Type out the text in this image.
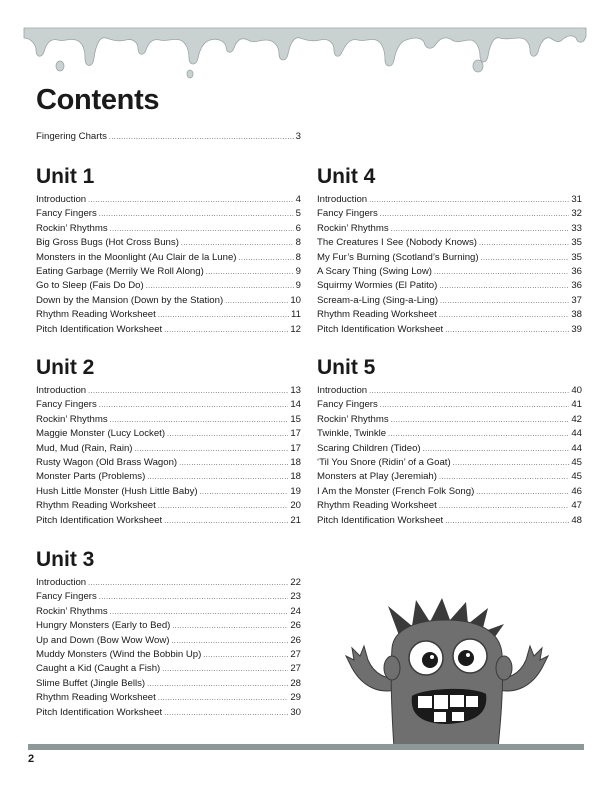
Contents
Fingering Charts .....	3
Unit 1
Introduction .....	4
Fancy Fingers .....	5
Rockin’ Rhythms .....	6
Big Gross Bugs (Hot Cross Buns) .....	8
Monsters in the Moonlight (Au Clair de la Lune) .....	8
Eating Garbage (Merrily We Roll Along) .....	9
Go to Sleep (Fais Do Do) .....	9
Down by the Mansion (Down by the Station) .....	10
Rhythm Reading Worksheet .....	11
Pitch Identification Worksheet .....	12
Unit 2
Introduction .....	13
Fancy Fingers .....	14
Rockin’ Rhythms .....	15
Maggie Monster (Lucy Locket) .....	17
Mud, Mud (Rain, Rain) .....	17
Rusty Wagon (Old Brass Wagon) .....	18
Monster Parts (Problems) .....	18
Hush Little Monster (Hush Little Baby) .....	19
Rhythm Reading Worksheet .....	20
Pitch Identification Worksheet .....	21
Unit 3
Introduction .....	22
Fancy Fingers .....	23
Rockin’ Rhythms .....	24
Hungry Monsters (Early to Bed) .....	26
Up and Down (Bow Wow Wow) .....	26
Muddy Monsters (Wind the Bobbin Up) .....	27
Caught a Kid (Caught a Fish) .....	27
Slime Buffet (Jingle Bells) .....	28
Rhythm Reading Worksheet .....	29
Pitch Identification Worksheet .....	30
Unit 4
Introduction .....	31
Fancy Fingers .....	32
Rockin’ Rhythms .....	33
The Creatures I See (Nobody Knows) .....	35
My Fur’s Burning (Scotland’s Burning) .....	35
A Scary Thing (Swing Low) .....	36
Squirmy Wormies (El Patito) .....	36
Scream-a-Ling (Sing-a-Ling) .....	37
Rhythm Reading Worksheet .....	38
Pitch Identification Worksheet .....	39
Unit 5
Introduction .....	40
Fancy Fingers .....	41
Rockin’ Rhythms .....	42
Twinkle, Twinkle .....	44
Scaring Children (Tideo) .....	44
‘Til You Snore (Ridin’ of a Goat) .....	45
Monsters at Play (Jeremiah) .....	45
I Am the Monster (French Folk Song) .....	46
Rhythm Reading Worksheet .....	47
Pitch Identification Worksheet .....	48
2
